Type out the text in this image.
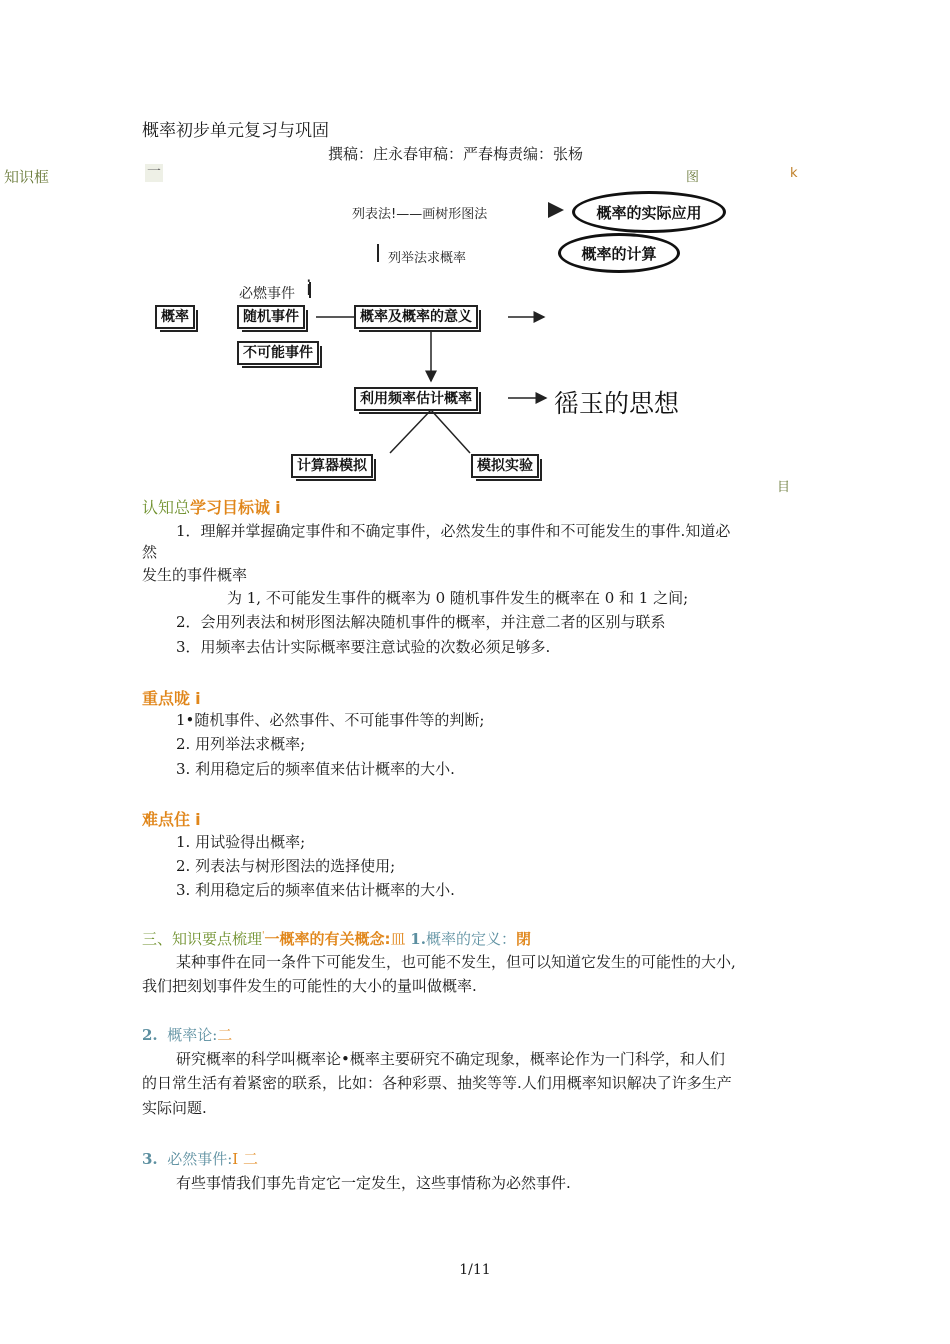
概率初步单元复习与巩固
撰稿：庄永春审稿：严春梅责编：张杨
知识框	一	图	k
列表法!——画树形图法
列举法求概率
概率的实际应用
概率的计算
必燃事件 i
概率	随机事件
不可能事件
概率及概率的意义
利用频率估计概率	徭玉的思想
计算器模拟	模拟实验
目
认知总学习目标诚 i
1．理解并掌握确定事件和不确定事件，必然发生的事件和不可能发生的事件.知道必
然
发生的事件概率
为 1, 不可能发生事件的概率为 0 随机事件发生的概率在 0 和 1 之间;
2．会用列表法和树形图法解决随机事件的概率，并注意二者的区别与联系
3．用频率去估计实际概率要注意试验的次数必须足够多.
重点咙 i
1•随机事件、必然事件、不可能事件等的判断;
2. 用列举法求概率;
3. 利用稳定后的频率值来估计概率的大小.
难点住 i
1. 用试验得出概率;
2. 列表法与树形图法的选择使用;
3. 利用稳定后的频率值来估计概率的大小.
三、知识要点梳理'一概率的有关概念:皿 1.概率的定义：閉
某种事件在同一条件下可能发生，也可能不发生，但可以知道它发生的可能性的大小,
我们把刻划事件发生的可能性的大小的量叫做概率.
2. 概率论:二
研究概率的科学叫概率论•概率主要研究不确定现象，概率论作为一门科学，和人们
的日常生活有着紧密的联系，比如：各种彩票、抽奖等等.人们用概率知识解决了许多生产
实际问题.
3. 必然事件:I 二
有些事情我们事先肯定它一定发生，这些事情称为必然事件.
1/11
